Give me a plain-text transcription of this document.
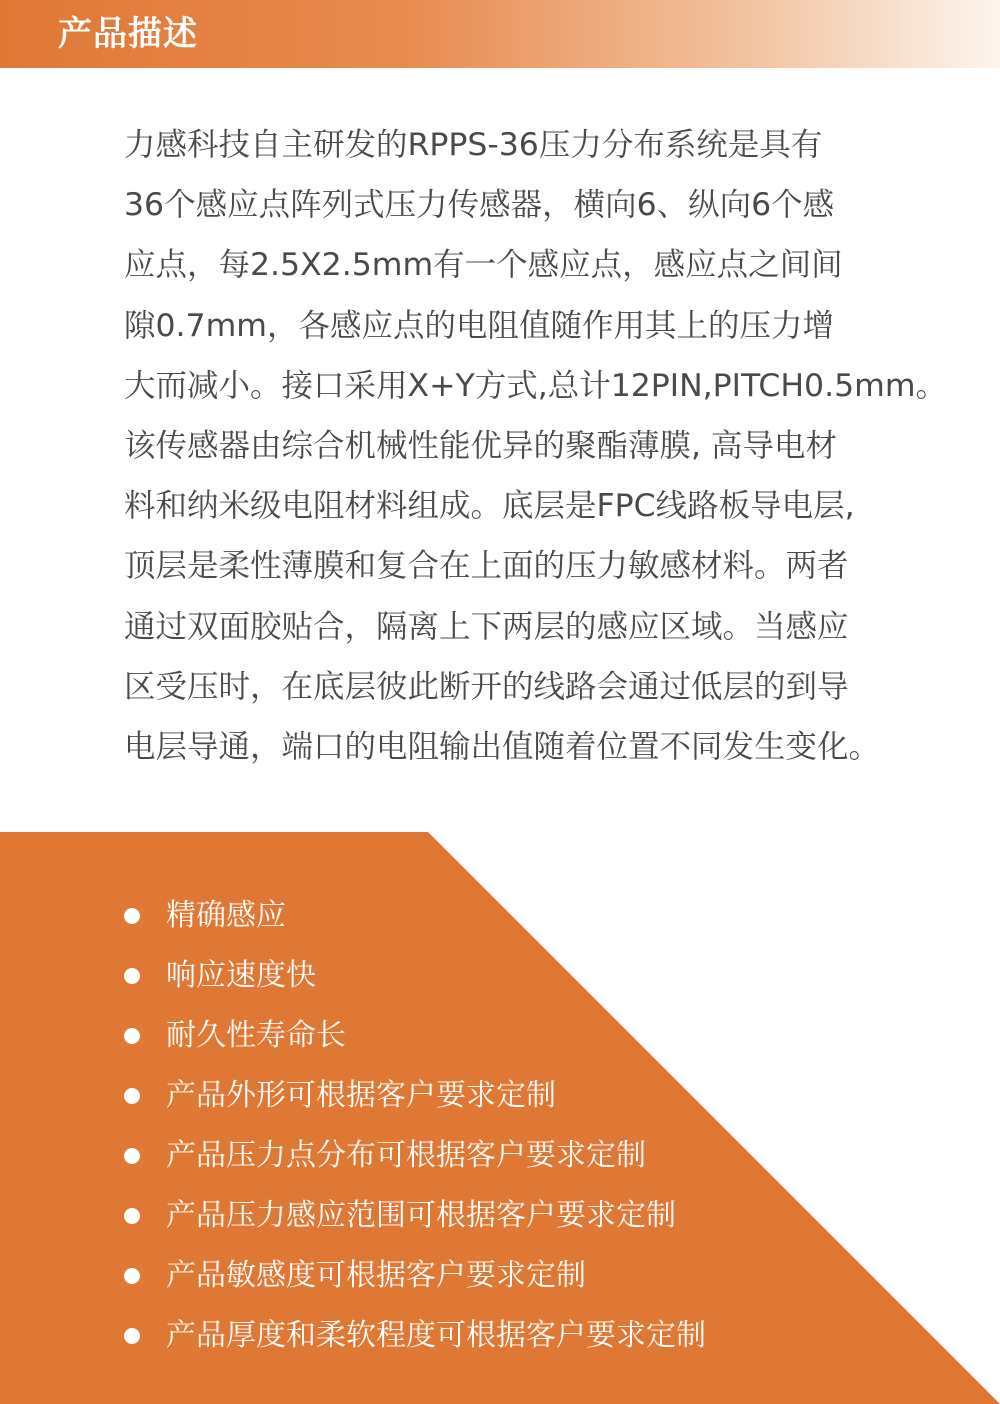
产品描述
力感科技自主研发的RPPS-36压力分布系统是具有
36个感应点阵列式压力传感器，横向6、纵向6个感
应点，每2.5X2.5mm有一个感应点，感应点之间间
隙0.7mm，各感应点的电阻值随作用其上的压力增
大而减小。接口采用X+Y方式,总计12PIN,PITCH0.5mm。
该传感器由综合机械性能优异的聚酯薄膜, 高导电材
料和纳米级电阻材料组成。底层是FPC线路板导电层,
顶层是柔性薄膜和复合在上面的压力敏感材料。两者
通过双面胶贴合，隔离上下两层的感应区域。当感应
区受压时，在底层彼此断开的线路会通过低层的到导
电层导通，端口的电阻输出值随着位置不同发生变化。
精确感应
响应速度快
耐久性寿命长
产品外形可根据客户要求定制
产品压力点分布可根据客户要求定制
产品压力感应范围可根据客户要求定制
产品敏感度可根据客户要求定制
产品厚度和柔软程度可根据客户要求定制
